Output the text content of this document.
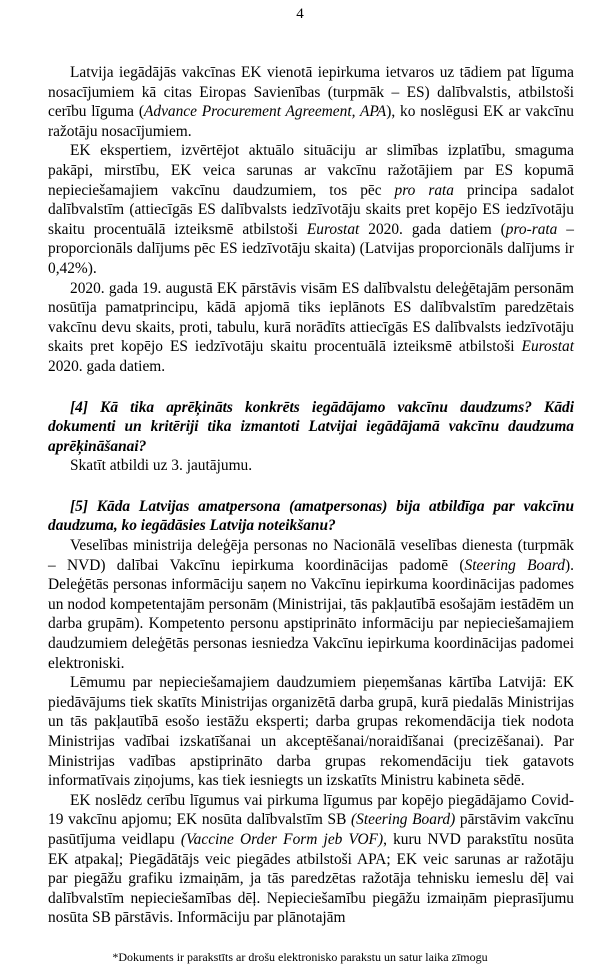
4

Latvija iegādājās vakcīnas EK vienotā iepirkuma ietvaros uz tādiem pat līguma nosacījumiem kā citas Eiropas Savienības (turpmāk – ES) dalībvalstis, atbilstoši cerību līguma (Advance Procurement Agreement, APA), ko noslēgusi EK ar vakcīnu ražotāju nosacījumiem.

EK ekspertiem, izvērtējot aktuālo situāciju ar slimības izplatību, smaguma pakāpi, mirstību, EK veica sarunas ar vakcīnu ražotājiem par ES kopumā nepieciešamajiem vakcīnu daudzumiem, tos pēc pro rata principa sadalot dalībvalstīm (attiecīgās ES dalībvalsts iedzīvotāju skaits pret kopējo ES iedzīvotāju skaitu procentuālā izteiksmē atbilstoši Eurostat 2020. gada datiem (pro-rata – proporcionāls dalījums pēc ES iedzīvotāju skaita) (Latvijas proporcionāls dalījums ir 0,42%).

2020. gada 19. augustā EK pārstāvis visām ES dalībvalstu deleģētajām personām nosūtīja pamatprincipu, kādā apjomā tiks ieplānots ES dalībvalstīm paredzētais vakcīnu devu skaits, proti, tabulu, kurā norādīts attiecīgās ES dalībvalsts iedzīvotāju skaits pret kopējo ES iedzīvotāju skaitu procentuālā izteiksmē atbilstoši Eurostat 2020. gada datiem.

[4] Kā tika aprēķināts konkrēts iegādājamo vakcīnu daudzums? Kādi dokumenti un kritēriji tika izmantoti Latvijai iegādājamā vakcīnu daudzuma aprēķināšanai?

Skatīt atbildi uz 3. jautājumu.

[5] Kāda Latvijas amatpersona (amatpersonas) bija atbildīga par vakcīnu daudzuma, ko iegādāsies Latvija noteikšanu?

Veselības ministrija deleģēja personas no Nacionālā veselības dienesta (turpmāk – NVD) dalībai Vakcīnu iepirkuma koordinācijas padomē (Steering Board). Deleģētās personas informāciju saņem no Vakcīnu iepirkuma koordinācijas padomes un nodod kompetentajām personām (Ministrijai, tās pakļautībā esošajām iestādēm un darba grupām). Kompetento personu apstiprināto informāciju par nepieciešamajiem daudzumiem deleģētās personas iesniedza Vakcīnu iepirkuma koordinācijas padomei elektroniski.

Lēmumu par nepieciešamajiem daudzumiem pieņemšanas kārtība Latvijā: EK piedāvājums tiek skatīts Ministrijas organizētā darba grupā, kurā piedalās Ministrijas un tās pakļautībā esošo iestāžu eksperti; darba grupas rekomendācija tiek nodota Ministrijas vadībai izskatīšanai un akceptēšanai/noraidīšanai (precizēšanai). Par Ministrijas vadības apstiprināto darba grupas rekomendāciju tiek gatavots informatīvais ziņojums, kas tiek iesniegts un izskatīts Ministru kabineta sēdē.

EK noslēdz cerību līgumus vai pirkuma līgumus par kopējo piegādājamo Covid-19 vakcīnu apjomu; EK nosūta dalībvalstīm SB (Steering Board) pārstāvim vakcīnu pasūtījuma veidlapu (Vaccine Order Form jeb VOF), kuru NVD parakstītu nosūta EK atpakaļ; Piegādātājs veic piegādes atbilstoši APA; EK veic sarunas ar ražotāju par piegāžu grafiku izmaiņām, ja tās paredzētas ražotāja tehnisku iemeslu dēļ vai dalībvalstīm nepieciešamības dēļ. Nepieciešamību piegāžu izmaiņām pieprasījumu nosūta SB pārstāvis. Informāciju par plānotajām

*Dokuments ir parakstīts ar drošu elektronisko parakstu un satur laika zīmogu
